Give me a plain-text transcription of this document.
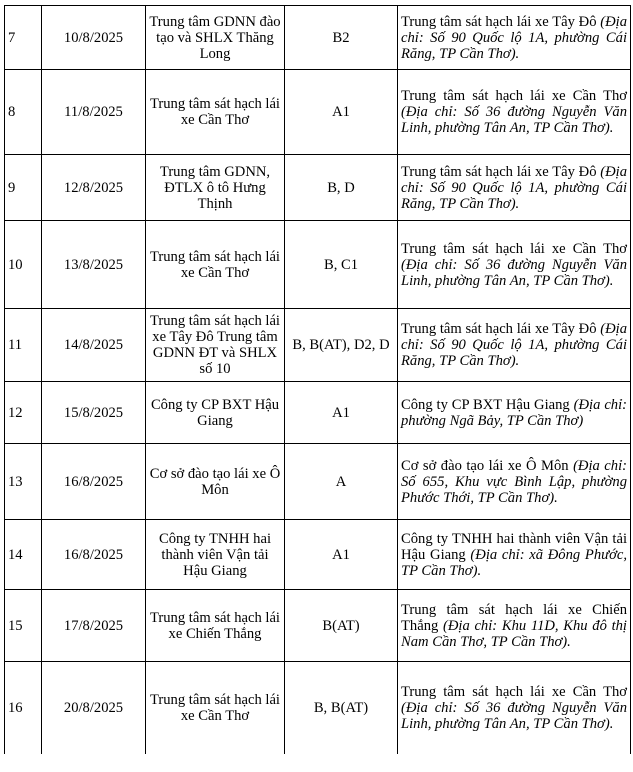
7	10/8/2025	Trung tâm GDNN đào tạo và SHLX Thăng Long	B2	Trung tâm sát hạch lái xe Tây Đô (Địa chỉ: Số 90 Quốc lộ 1A, phường Cái Răng, TP Cần Thơ).
8	11/8/2025	Trung tâm sát hạch lái xe Cần Thơ	A1	Trung tâm sát hạch lái xe Cần Thơ (Địa chỉ: Số 36 đường Nguyễn Văn Linh, phường Tân An, TP Cần Thơ).
9	12/8/2025	Trung tâm GDNN, ĐTLX ô tô Hưng Thịnh	B, D	Trung tâm sát hạch lái xe Tây Đô (Địa chỉ: Số 90 Quốc lộ 1A, phường Cái Răng, TP Cần Thơ).
10	13/8/2025	Trung tâm sát hạch lái xe Cần Thơ	B, C1	Trung tâm sát hạch lái xe Cần Thơ (Địa chỉ: Số 36 đường Nguyễn Văn Linh, phường Tân An, TP Cần Thơ).
11	14/8/2025	Trung tâm sát hạch lái xe Tây Đô Trung tâm GDNN ĐT và SHLX số 10	B, B(AT), D2, D	Trung tâm sát hạch lái xe Tây Đô (Địa chỉ: Số 90 Quốc lộ 1A, phường Cái Răng, TP Cần Thơ).
12	15/8/2025	Công ty CP BXT Hậu Giang	A1	Công ty CP BXT Hậu Giang (Địa chỉ: phường Ngã Bảy, TP Cần Thơ)
13	16/8/2025	Cơ sở đào tạo lái xe Ô Môn	A	Cơ sở đào tạo lái xe Ô Môn (Địa chỉ: Số 655, Khu vực Bình Lập, phường Phước Thới, TP Cần Thơ).
14	16/8/2025	Công ty TNHH hai thành viên Vận tải Hậu Giang	A1	Công ty TNHH hai thành viên Vận tải Hậu Giang (Địa chỉ: xã Đông Phước, TP Cần Thơ).
15	17/8/2025	Trung tâm sát hạch lái xe Chiến Thắng	B(AT)	Trung tâm sát hạch lái xe Chiến Thắng (Địa chỉ: Khu 11D, Khu đô thị Nam Cần Thơ, TP Cần Thơ).
16	20/8/2025	Trung tâm sát hạch lái xe Cần Thơ	B, B(AT)	Trung tâm sát hạch lái xe Cần Thơ (Địa chỉ: Số 36 đường Nguyễn Văn Linh, phường Tân An, TP Cần Thơ).
